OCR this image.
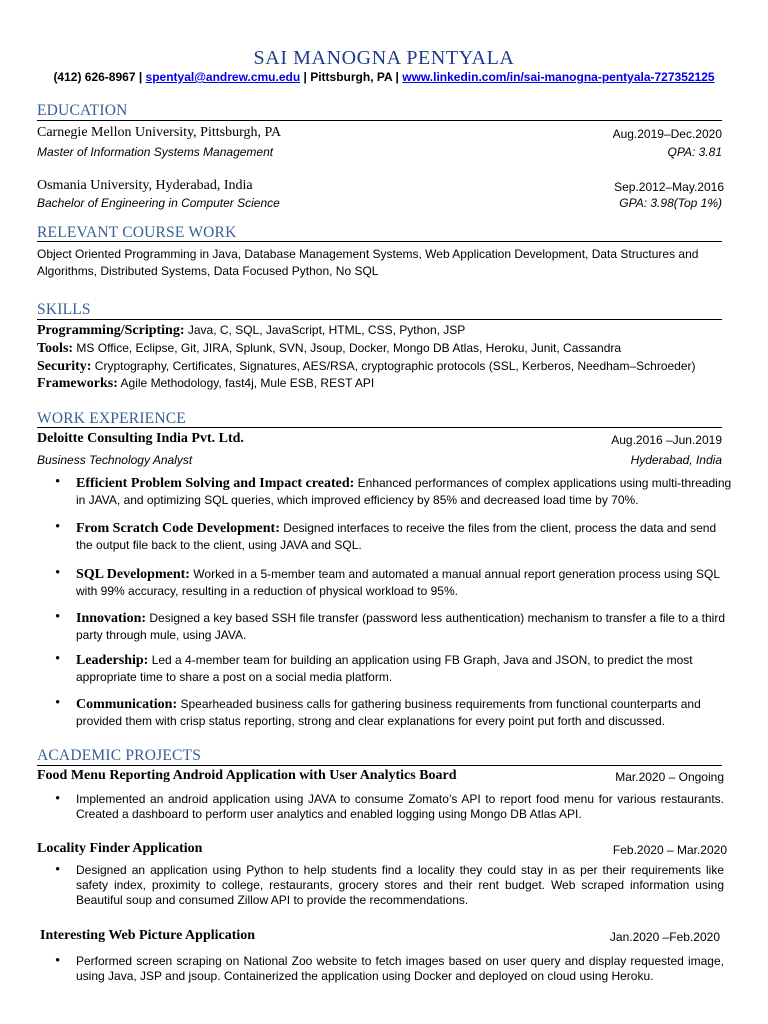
SAI MANOGNA PENTYALA
(412) 626-8967 | spentyal@andrew.cmu.edu | Pittsburgh, PA | www.linkedin.com/in/sai-manogna-pentyala-727352125
EDUCATION
Carnegie Mellon University, Pittsburgh, PA	Aug.2019–Dec.2020
Master of Information Systems Management	QPA: 3.81
Osmania University, Hyderabad, India	Sep.2012–May.2016
Bachelor of Engineering in Computer Science	GPA: 3.98(Top 1%)
RELEVANT COURSE WORK
Object Oriented Programming in Java, Database Management Systems, Web Application Development, Data Structures and Algorithms, Distributed Systems, Data Focused Python, No SQL
SKILLS
Programming/Scripting: Java, C, SQL, JavaScript, HTML, CSS, Python, JSP
Tools: MS Office, Eclipse, Git, JIRA, Splunk, SVN, Jsoup, Docker, Mongo DB Atlas, Heroku, Junit, Cassandra
Security: Cryptography, Certificates, Signatures, AES/RSA, cryptographic protocols (SSL, Kerberos, Needham–Schroeder)
Frameworks: Agile Methodology, fast4j, Mule ESB, REST API
WORK EXPERIENCE
Deloitte Consulting India Pvt. Ltd.	Aug.2016 –Jun.2019
Business Technology Analyst	Hyderabad, India
• Efficient Problem Solving and Impact created: Enhanced performances of complex applications using multi-threading in JAVA, and optimizing SQL queries, which improved efficiency by 85% and decreased load time by 70%.
• From Scratch Code Development: Designed interfaces to receive the files from the client, process the data and send the output file back to the client, using JAVA and SQL.
• SQL Development: Worked in a 5-member team and automated a manual annual report generation process using SQL with 99% accuracy, resulting in a reduction of physical workload to 95%.
• Innovation: Designed a key based SSH file transfer (password less authentication) mechanism to transfer a file to a third party through mule, using JAVA.
• Leadership: Led a 4-member team for building an application using FB Graph, Java and JSON, to predict the most appropriate time to share a post on a social media platform.
• Communication: Spearheaded business calls for gathering business requirements from functional counterparts and provided them with crisp status reporting, strong and clear explanations for every point put forth and discussed.
ACADEMIC PROJECTS
Food Menu Reporting Android Application with User Analytics Board	Mar.2020 – Ongoing
• Implemented an android application using JAVA to consume Zomato’s API to report food menu for various restaurants. Created a dashboard to perform user analytics and enabled logging using Mongo DB Atlas API.
Locality Finder Application	Feb.2020 – Mar.2020
• Designed an application using Python to help students find a locality they could stay in as per their requirements like safety index, proximity to college, restaurants, grocery stores and their rent budget. Web scraped information using Beautiful soup and consumed Zillow API to provide the recommendations.
Interesting Web Picture Application	Jan.2020 –Feb.2020
• Performed screen scraping on National Zoo website to fetch images based on user query and display requested image, using Java, JSP and jsoup. Containerized the application using Docker and deployed on cloud using Heroku.
